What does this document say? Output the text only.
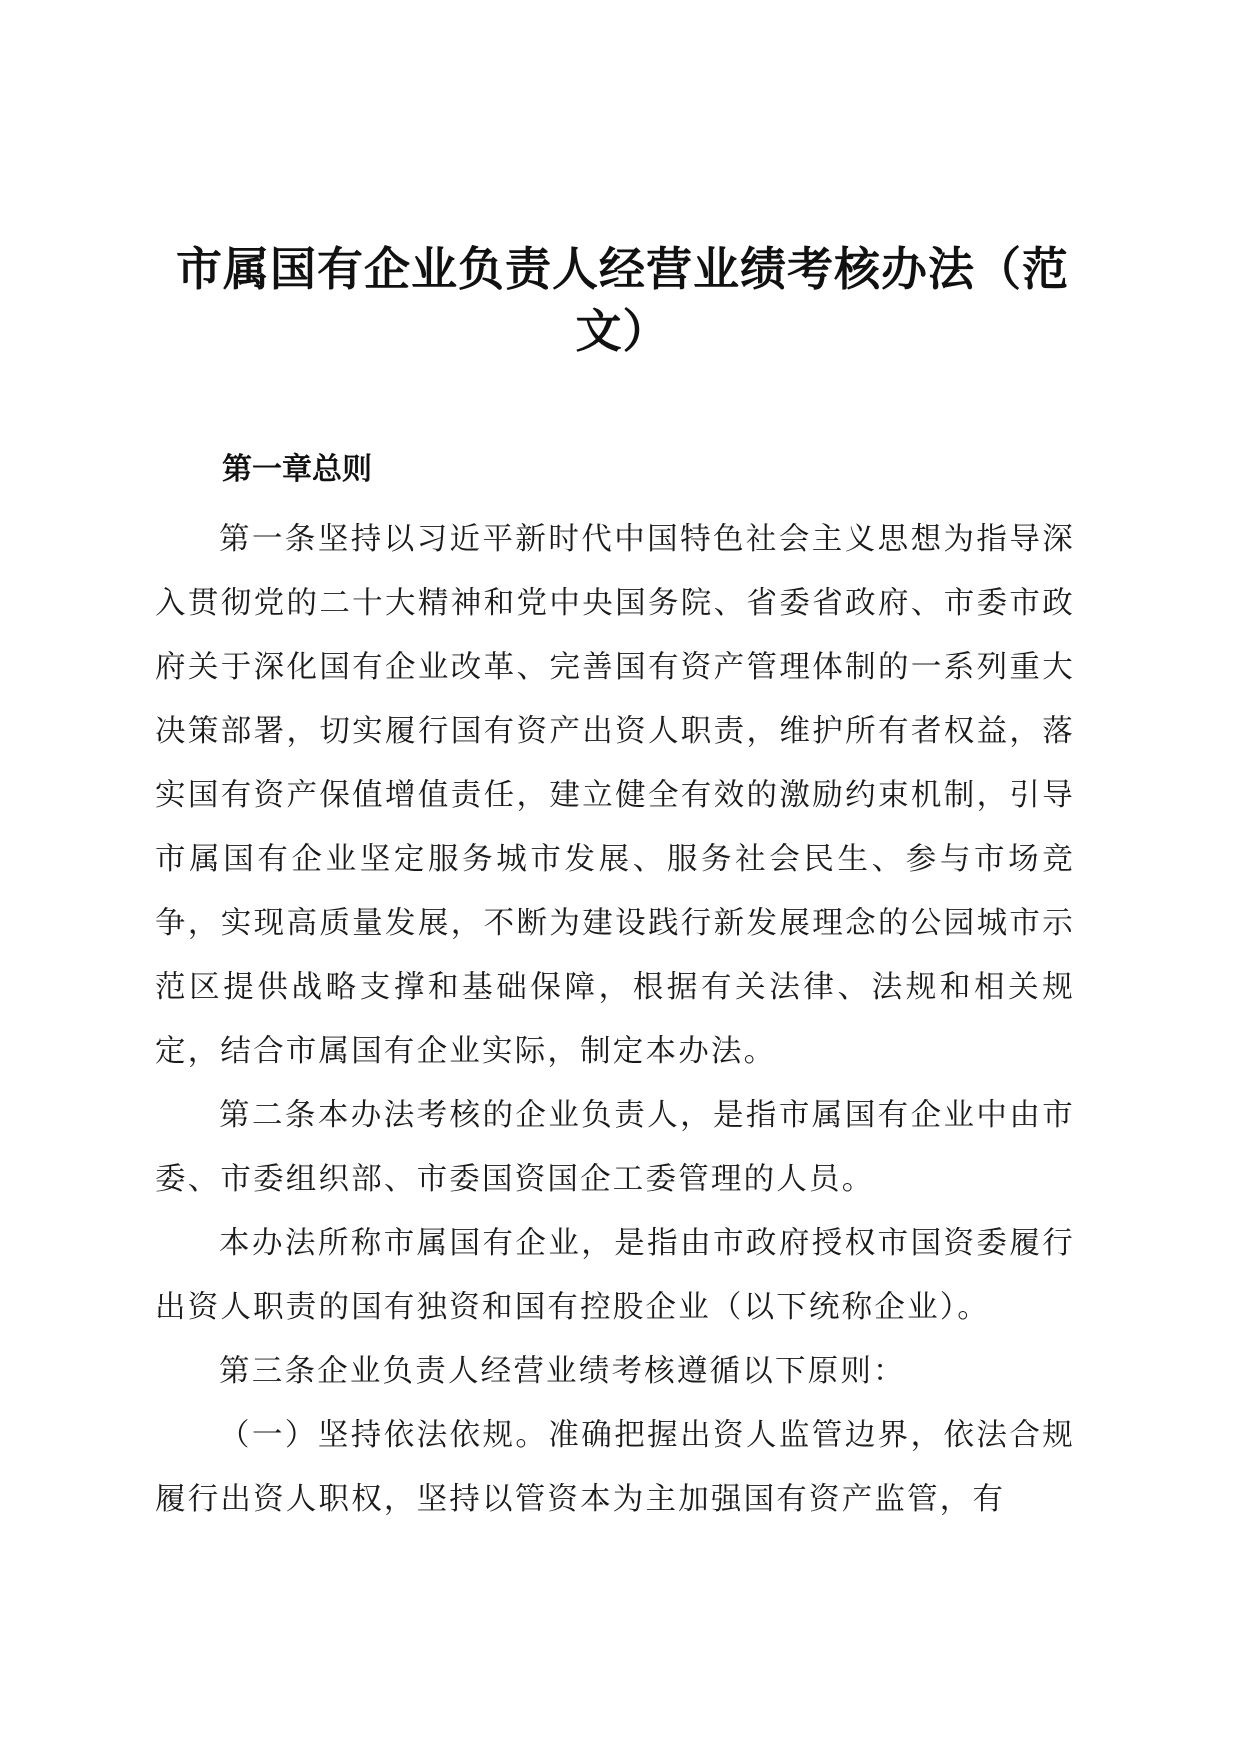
市属国有企业负责人经营业绩考核办法（范文）
第一章总则

第一条坚持以习近平新时代中国特色社会主义思想为指导深入贯彻党的二十大精神和党中央国务院、省委省政府、市委市政府关于深化国有企业改革、完善国有资产管理体制的一系列重大决策部署，切实履行国有资产出资人职责，维护所有者权益，落实国有资产保值增值责任，建立健全有效的激励约束机制，引导市属国有企业坚定服务城市发展、服务社会民生、参与市场竞争，实现高质量发展，不断为建设践行新发展理念的公园城市示范区提供战略支撑和基础保障，根据有关法律、法规和相关规定，结合市属国有企业实际，制定本办法。

第二条本办法考核的企业负责人，是指市属国有企业中由市委、市委组织部、市委国资国企工委管理的人员。

本办法所称市属国有企业，是指由市政府授权市国资委履行出资人职责的国有独资和国有控股企业（以下统称企业）。

第三条企业负责人经营业绩考核遵循以下原则：

（一）坚持依法依规。准确把握出资人监管边界，依法合规履行出资人职权，坚持以管资本为主加强国有资产监管，有
